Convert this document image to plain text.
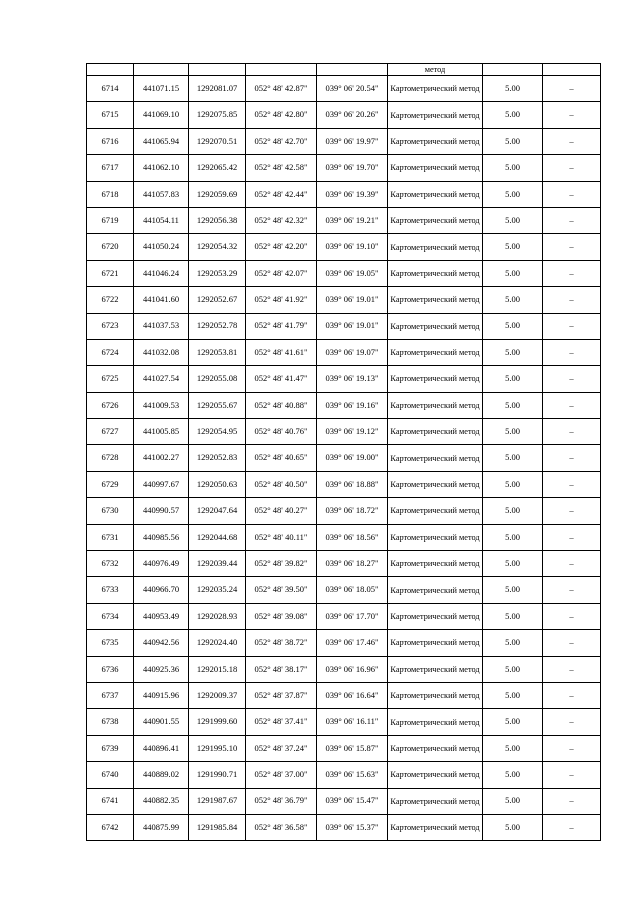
					метод		
6714	441071.15	1292081.07	052° 48' 42.87"	039° 06' 20.54"	Картометрический метод	5.00	–
6715	441069.10	1292075.85	052° 48' 42.80"	039° 06' 20.26"	Картометрический метод	5.00	–
6716	441065.94	1292070.51	052° 48' 42.70"	039° 06' 19.97"	Картометрический метод	5.00	–
6717	441062.10	1292065.42	052° 48' 42.58"	039° 06' 19.70"	Картометрический метод	5.00	–
6718	441057.83	1292059.69	052° 48' 42.44"	039° 06' 19.39"	Картометрический метод	5.00	–
6719	441054.11	1292056.38	052° 48' 42.32"	039° 06' 19.21"	Картометрический метод	5.00	–
6720	441050.24	1292054.32	052° 48' 42.20"	039° 06' 19.10"	Картометрический метод	5.00	–
6721	441046.24	1292053.29	052° 48' 42.07"	039° 06' 19.05"	Картометрический метод	5.00	–
6722	441041.60	1292052.67	052° 48' 41.92"	039° 06' 19.01"	Картометрический метод	5.00	–
6723	441037.53	1292052.78	052° 48' 41.79"	039° 06' 19.01"	Картометрический метод	5.00	–
6724	441032.08	1292053.81	052° 48' 41.61"	039° 06' 19.07"	Картометрический метод	5.00	–
6725	441027.54	1292055.08	052° 48' 41.47"	039° 06' 19.13"	Картометрический метод	5.00	–
6726	441009.53	1292055.67	052° 48' 40.88"	039° 06' 19.16"	Картометрический метод	5.00	–
6727	441005.85	1292054.95	052° 48' 40.76"	039° 06' 19.12"	Картометрический метод	5.00	–
6728	441002.27	1292052.83	052° 48' 40.65"	039° 06' 19.00"	Картометрический метод	5.00	–
6729	440997.67	1292050.63	052° 48' 40.50"	039° 06' 18.88"	Картометрический метод	5.00	–
6730	440990.57	1292047.64	052° 48' 40.27"	039° 06' 18.72"	Картометрический метод	5.00	–
6731	440985.56	1292044.68	052° 48' 40.11"	039° 06' 18.56"	Картометрический метод	5.00	–
6732	440976.49	1292039.44	052° 48' 39.82"	039° 06' 18.27"	Картометрический метод	5.00	–
6733	440966.70	1292035.24	052° 48' 39.50"	039° 06' 18.05"	Картометрический метод	5.00	–
6734	440953.49	1292028.93	052° 48' 39.08"	039° 06' 17.70"	Картометрический метод	5.00	–
6735	440942.56	1292024.40	052° 48' 38.72"	039° 06' 17.46"	Картометрический метод	5.00	–
6736	440925.36	1292015.18	052° 48' 38.17"	039° 06' 16.96"	Картометрический метод	5.00	–
6737	440915.96	1292009.37	052° 48' 37.87"	039° 06' 16.64"	Картометрический метод	5.00	–
6738	440901.55	1291999.60	052° 48' 37.41"	039° 06' 16.11"	Картометрический метод	5.00	–
6739	440896.41	1291995.10	052° 48' 37.24"	039° 06' 15.87"	Картометрический метод	5.00	–
6740	440889.02	1291990.71	052° 48' 37.00"	039° 06' 15.63"	Картометрический метод	5.00	–
6741	440882.35	1291987.67	052° 48' 36.79"	039° 06' 15.47"	Картометрический метод	5.00	–
6742	440875.99	1291985.84	052° 48' 36.58"	039° 06' 15.37"	Картометрический метод	5.00	–
